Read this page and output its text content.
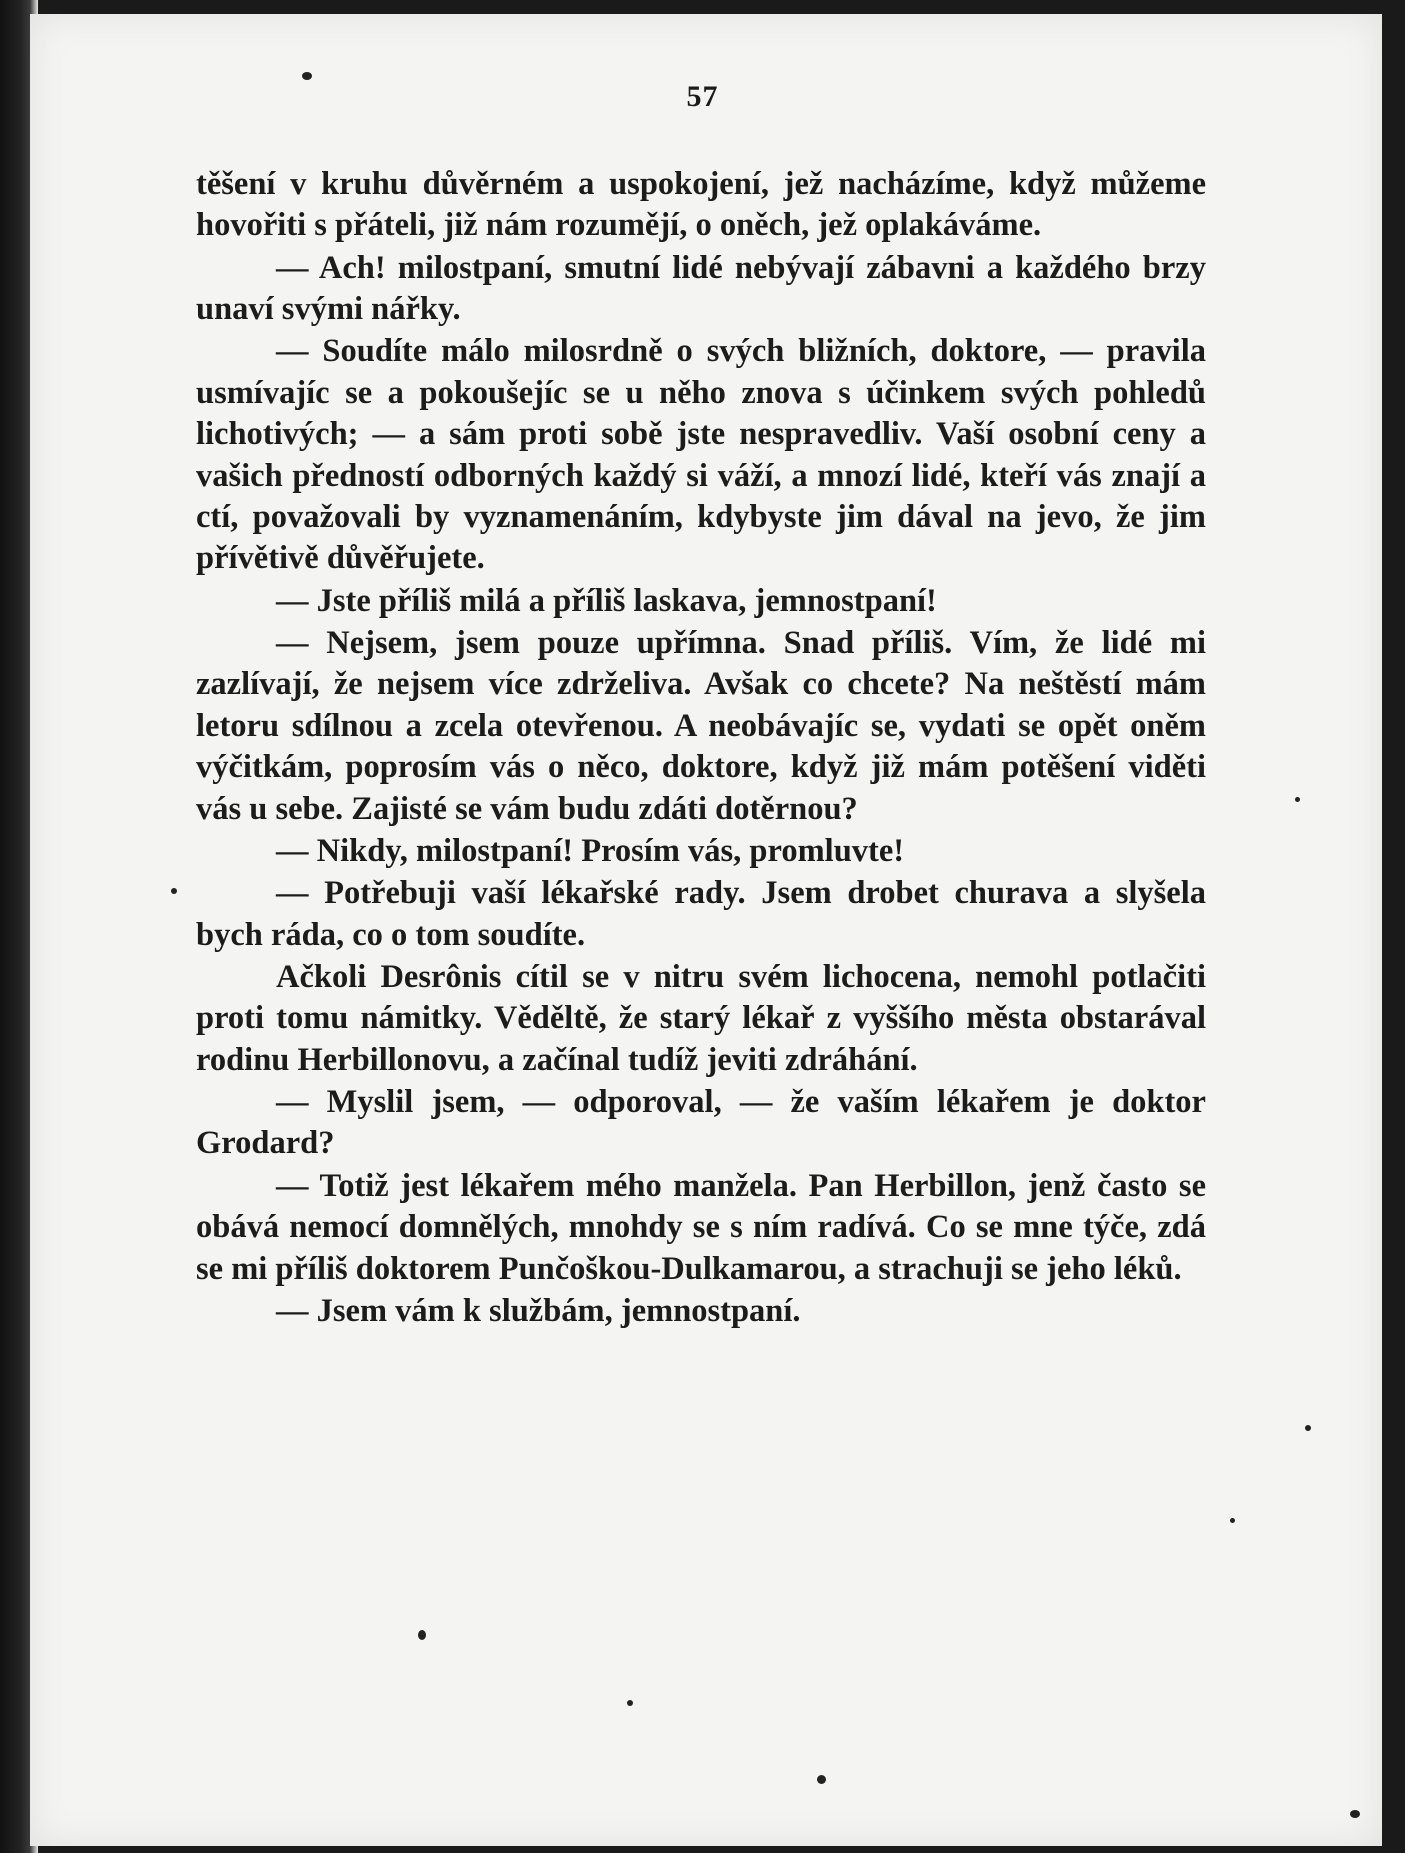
57

těšení v kruhu důvěrném a uspokojení, jež nacházíme, když můžeme hovořiti s přáteli, již nám rozumějí, o oněch, jež oplakáváme.

— Ach! milostpaní, smutní lidé nebývají zábavni a každého brzy unaví svými nářky.

— Soudíte málo milosrdně o svých bližních, doktore, — pravila usmívajíc se a pokoušejíc se u něho znova s účinkem svých pohledů lichotivých; — a sám proti sobě jste nespravedliv. Vaší osobní ceny a vašich předností odborných každý si váží, a mnozí lidé, kteří vás znají a ctí, považovali by vyznamenáním, kdybyste jim dával na jevo, že jim přívětivě důvěřujete.

— Jste příliš milá a příliš laskava, jemnostpaní!

— Nejsem, jsem pouze upřímna. Snad příliš. Vím, že lidé mi zazlívají, že nejsem více zdrželiva. Avšak co chcete? Na neštěstí mám letoru sdílnou a zcela otevřenou. A neobávajíc se, vydati se opět oněm výčitkám, poprosím vás o něco, doktore, když již mám potěšení viděti vás u sebe. Zajisté se vám budu zdáti dotěrnou?

— Nikdy, milostpaní! Prosím vás, promluvte!

— Potřebuji vaší lékařské rady. Jsem drobet churava a slyšela bych ráda, co o tom soudíte.

Ačkoli Desrônis cítil se v nitru svém lichocena, nemohl potlačiti proti tomu námitky. Věděltě, že starý lékař z vyššího města obstarával rodinu Herbillonovu, a začínal tudíž jeviti zdráhání.

— Myslil jsem, — odporoval, — že vaším lékařem je doktor Grodard?

— Totiž jest lékařem mého manžela. Pan Herbillon, jenž často se obává nemocí domnělých, mnohdy se s ním radívá. Co se mne týče, zdá se mi příliš doktorem Punčoškou-Dulkamarou, a strachuji se jeho léků.

— Jsem vám k službám, jemnostpaní.
